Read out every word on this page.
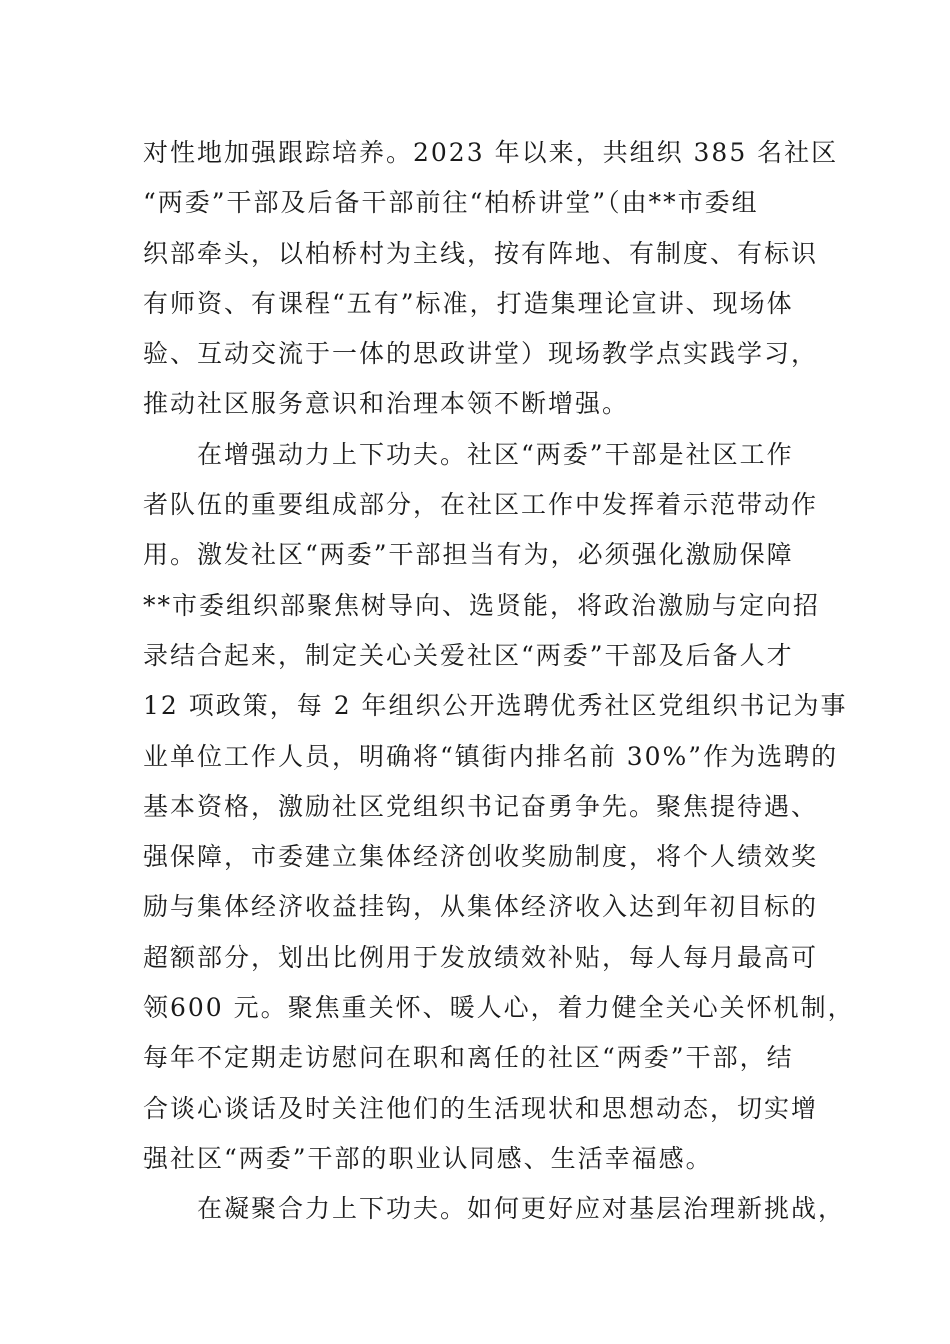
对性地加强跟踪培养。2023 年以来，共组织 385 名社区
“两委”干部及后备干部前往“柏桥讲堂”（由**市委组
织部牵头，以柏桥村为主线，按有阵地、有制度、有标识
有师资、有课程“五有”标准，打造集理论宣讲、现场体
验、互动交流于一体的思政讲堂）现场教学点实践学习，
推动社区服务意识和治理本领不断增强。
在增强动力上下功夫。社区“两委”干部是社区工作
者队伍的重要组成部分，在社区工作中发挥着示范带动作
用。激发社区“两委”干部担当有为，必须强化激励保障
**市委组织部聚焦树导向、选贤能，将政治激励与定向招
录结合起来，制定关心关爱社区“两委”干部及后备人才
12 项政策，每 2 年组织公开选聘优秀社区党组织书记为事
业单位工作人员，明确将“镇街内排名前 30%”作为选聘的
基本资格，激励社区党组织书记奋勇争先。聚焦提待遇、
强保障，市委建立集体经济创收奖励制度，将个人绩效奖
励与集体经济收益挂钩，从集体经济收入达到年初目标的
超额部分，划出比例用于发放绩效补贴，每人每月最高可
领600 元。聚焦重关怀、暖人心，着力健全关心关怀机制，
每年不定期走访慰问在职和离任的社区“两委”干部，结
合谈心谈话及时关注他们的生活现状和思想动态，切实增
强社区“两委”干部的职业认同感、生活幸福感。
在凝聚合力上下功夫。如何更好应对基层治理新挑战，
